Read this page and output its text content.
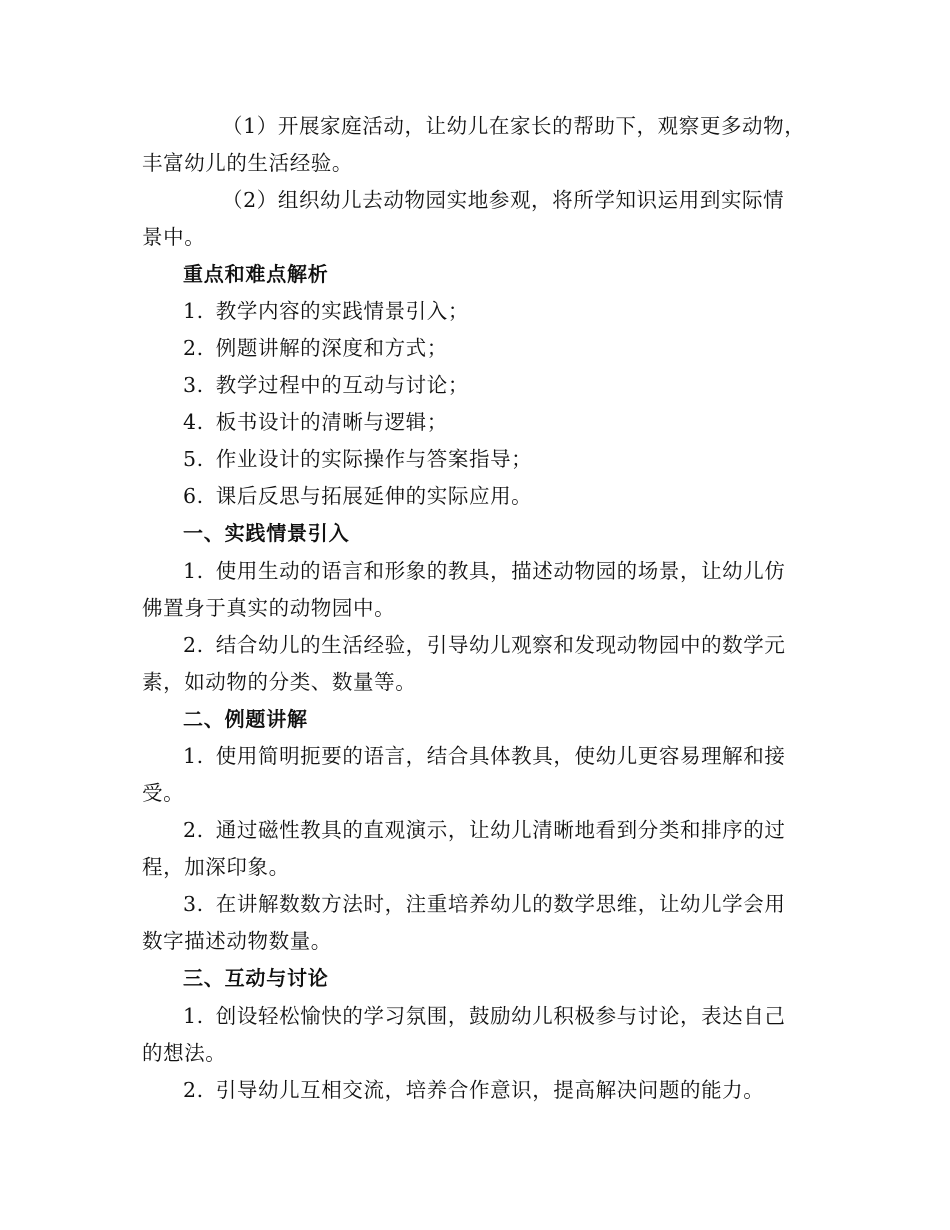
（1）开展家庭活动，让幼儿在家长的帮助下，观察更多动物，
丰富幼儿的生活经验。
（2）组织幼儿去动物园实地参观，将所学知识运用到实际情
景中。
重点和难点解析
1. 教学内容的实践情景引入；
2. 例题讲解的深度和方式；
3. 教学过程中的互动与讨论；
4. 板书设计的清晰与逻辑；
5. 作业设计的实际操作与答案指导；
6. 课后反思与拓展延伸的实际应用。
一、实践情景引入
1. 使用生动的语言和形象的教具，描述动物园的场景，让幼儿仿
佛置身于真实的动物园中。
2. 结合幼儿的生活经验，引导幼儿观察和发现动物园中的数学元
素，如动物的分类、数量等。
二、例题讲解
1. 使用简明扼要的语言，结合具体教具，使幼儿更容易理解和接
受。
2. 通过磁性教具的直观演示，让幼儿清晰地看到分类和排序的过
程，加深印象。
3. 在讲解数数方法时，注重培养幼儿的数学思维，让幼儿学会用
数字描述动物数量。
三、互动与讨论
1. 创设轻松愉快的学习氛围，鼓励幼儿积极参与讨论，表达自己
的想法。
2. 引导幼儿互相交流，培养合作意识，提高解决问题的能力。
